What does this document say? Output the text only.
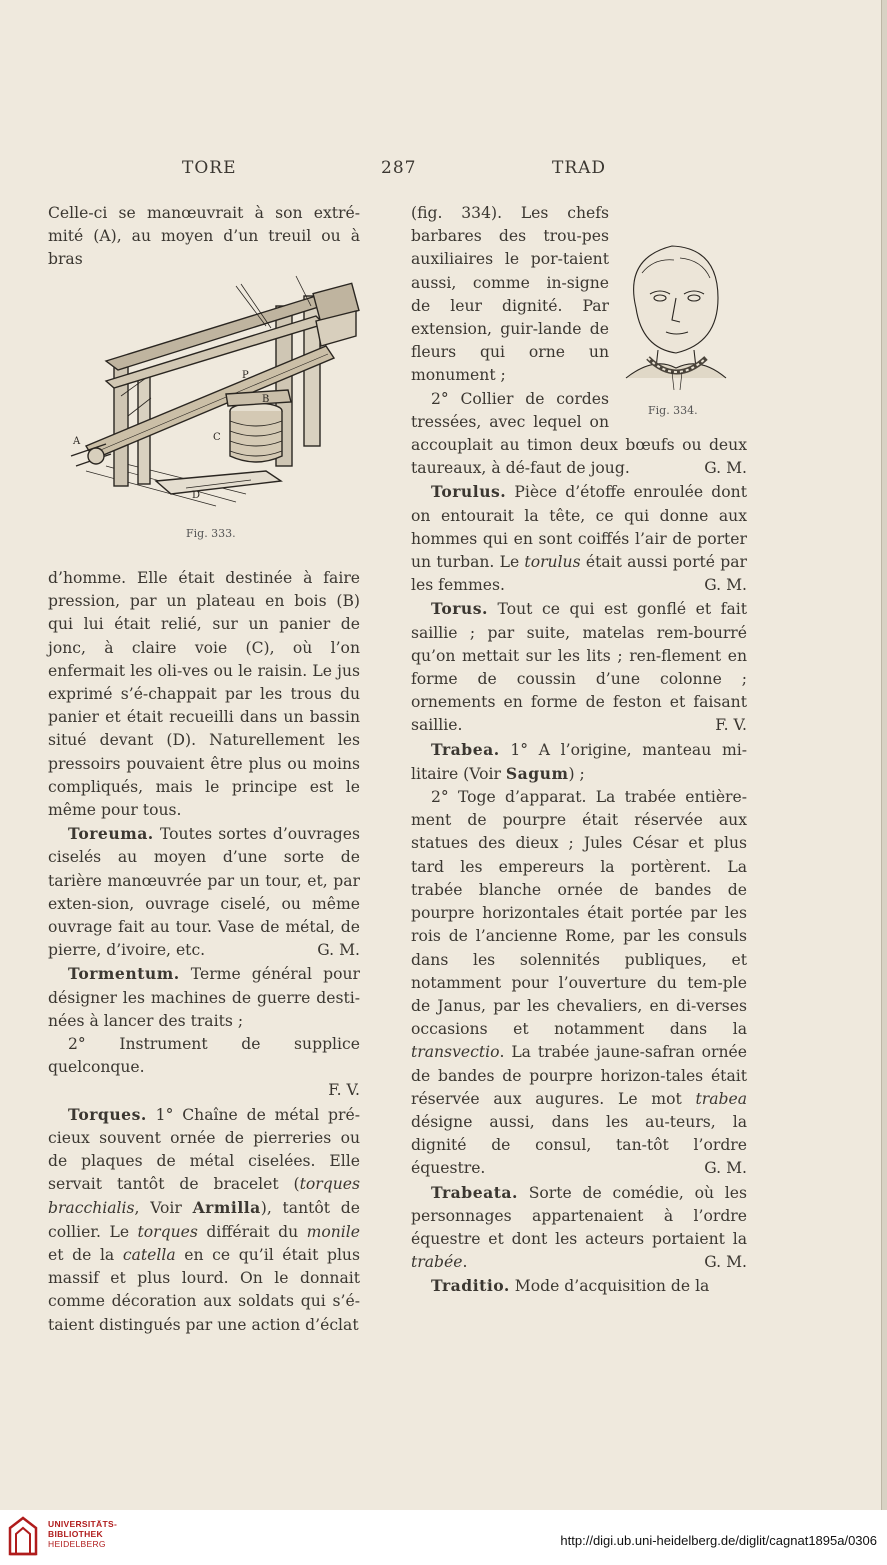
TORE	287	TRAD

Celle-ci se manœuvrait à son extré-mité (A), au moyen d’un treuil ou à bras

A
B
C
D
P
Fig. 333.

d’homme. Elle était destinée à faire pression, par un plateau en bois (B) qui lui était relié, sur un panier de jonc, à claire voie (C), où l’on enfermait les oli-ves ou le raisin. Le jus exprimé s’é-chappait par les trous du panier et était recueilli dans un bassin situé devant (D). Naturellement les pressoirs pouvaient être plus ou moins compliqués, mais le principe est le même pour tous.

Toreuma. Toutes sortes d’ouvrages ciselés au moyen d’une sorte de tarière manœuvrée par un tour, et, par exten-sion, ouvrage ciselé, ou même ouvrage fait au tour. Vase de métal, de pierre, d’ivoire, etc.	G. M.

Tormentum. Terme général pour désigner les machines de guerre desti-nées à lancer des traits ;

2° Instrument de supplice quelconque.

F. V.

Torques. 1° Chaîne de métal pré-cieux souvent ornée de pierreries ou de plaques de métal ciselées. Elle servait tantôt de bracelet (torques bracchialis, Voir Armilla), tantôt de collier. Le torques différait du monile et de la catella en ce qu’il était plus massif et plus lourd. On le donnait comme décoration aux soldats qui s’é-taient distingués par une action d’éclat

Fig. 334.

(fig. 334). Les chefs barbares des trou-pes auxiliaires le por-taient aussi, comme in-signe de leur dignité. Par extension, guir-lande de fleurs qui orne un monument ;

2° Collier de cordes tressées, avec lequel on accouplait au timon deux bœufs ou deux taureaux, à dé-faut de joug.	G. M.

Torulus. Pièce d’étoffe enroulée dont on entourait la tête, ce qui donne aux hommes qui en sont coiffés l’air de porter un turban. Le torulus était aussi porté par les femmes.	G. M.

Torus. Tout ce qui est gonflé et fait saillie ; par suite, matelas rem-bourré qu’on mettait sur les lits ; ren-flement en forme de coussin d’une colonne ; ornements en forme de feston et faisant saillie.	F. V.

Trabea. 1° A l’origine, manteau mi-litaire (Voir Sagum) ;

2° Toge d’apparat. La trabée entière-ment de pourpre était réservée aux statues des dieux ; Jules César et plus tard les empereurs la portèrent. La trabée blanche ornée de bandes de pourpre horizontales était portée par les rois de l’ancienne Rome, par les consuls dans les solennités publiques, et notamment pour l’ouverture du tem-ple de Janus, par les chevaliers, en di-verses occasions et notamment dans la transvectio. La trabée jaune-safran ornée de bandes de pourpre horizon-tales était réservée aux augures. Le mot trabea désigne aussi, dans les au-teurs, la dignité de consul, tan-tôt l’ordre équestre.	G. M.

Trabeata. Sorte de comédie, où les personnages appartenaient à l’ordre équestre et dont les acteurs portaient la trabée.	G. M.

Traditio. Mode d’acquisition de la

UNIVERSITÄTS-
BIBLIOTHEK
HEIDELBERG	http://digi.ub.uni-heidelberg.de/diglit/cagnat1895a/0306
